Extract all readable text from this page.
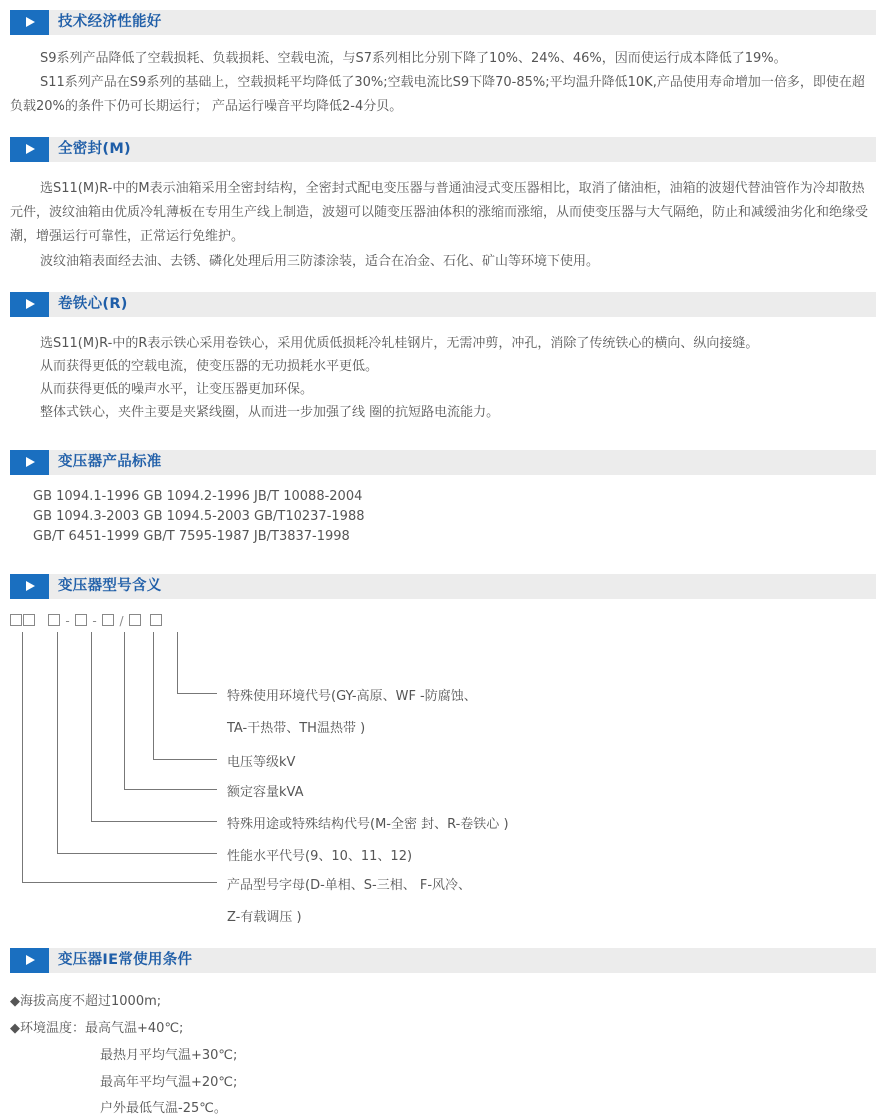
技术经济性能好
S9系列产品降低了空载损耗、负载损耗、空载电流，与S7系列相比分别下降了10%、24%、46%，因而使运行成本降低了19%。
S11系列产品在S9系列的基础上，空载损耗平均降低了30%;空载电流比S9下降70-85%;平均温升降低10K,产品使用寿命增加一倍多，即使在超负载20%的条件下仍可长期运行； 产品运行噪音平均降低2-4分贝。
全密封(M)
选S11(M)R-中的M表示油箱采用全密封结构，全密封式配电变压器与普通油浸式变压器相比，取消了储油柜，油箱的波翅代替油管作为冷却散热元件，波纹油箱由优质冷轧薄板在专用生产线上制造，波翅可以随变压器油体积的涨缩而涨缩，从而使变压器与大气隔绝，防止和减缓油劣化和绝缘受潮，增强运行可靠性，正常运行免维护。
波纹油箱表面经去油、去锈、磷化处理后用三防漆涂装，适合在冶金、石化、矿山等环境下使用。
卷铁心(R)
选S11(M)R-中的R表示铁心采用卷铁心，采用优质低损耗冷轧桂钢片，无需冲剪，冲孔，消除了传统铁心的横向、纵向接缝。
从而获得更低的空载电流，使变压器的无功损耗水平更低。
从而获得更低的噪声水平，让变压器更加环保。
整体式铁心，夹件主要是夹紧线圈，从而进一步加强了线 圈的抗短路电流能力。
变压器产品标准
GB 1094.1-1996 GB 1094.2-1996 JB/T 10088-2004
GB 1094.3-2003 GB 1094.5-2003 GB/T10237-1988
GB/T 6451-1999 GB/T 7595-1987 JB/T3837-1998
变压器型号含义
- - /
特殊使用环境代号(GY-高原、WF -防腐蚀、
TA-干热带、TH温热带 )
电压等级kV
额定容量kVA
特殊用途或特殊结构代号(M-全密 封、R-卷铁心 )
性能水平代号(9、10、11、12)
产品型号字母(D-单相、S-三相、 F-风冷、
Z-有载调压 )
变压器IE常使用条件
◆海拔高度不超过1000m;
◆环境温度：最高气温+40℃;
最热月平均气温+30℃;
最高年平均气温+20℃;
户外最低气温-25℃。
